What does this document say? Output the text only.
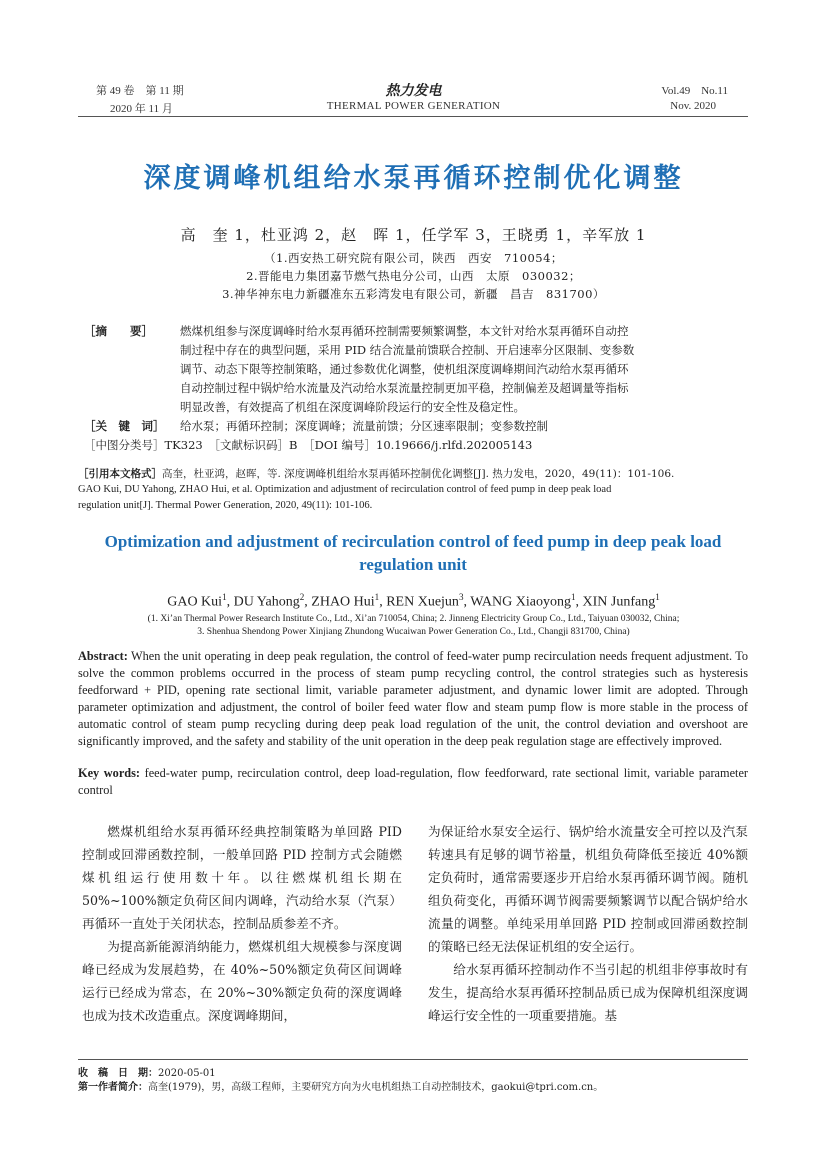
第 49 卷　第 11 期
2020 年 11 月
热力发电
THERMAL POWER GENERATION
Vol.49　No.11
Nov. 2020
深度调峰机组给水泵再循环控制优化调整
高　奎 1，杜亚鸿 2，赵　晖 1，任学军 3，王晓勇 1，辛军放 1
（1.西安热工研究院有限公司，陕西　西安　710054；
2.晋能电力集团嘉节燃气热电分公司，山西　太原　030032；
3.神华神东电力新疆准东五彩湾发电有限公司，新疆　昌吉　831700）
［摘　　要］	燃煤机组参与深度调峰时给水泵再循环控制需要频繁调整，本文针对给水泵再循环自动控
制过程中存在的典型问题，采用 PID 结合流量前馈联合控制、开启速率分区限制、变参数
调节、动态下限等控制策略，通过参数优化调整，使机组深度调峰期间汽动给水泵再循环
自动控制过程中锅炉给水流量及汽动给水泵流量控制更加平稳，控制偏差及超调量等指标
明显改善，有效提高了机组在深度调峰阶段运行的安全性及稳定性。
［关　键　词］	给水泵；再循环控制；深度调峰；流量前馈；分区速率限制；变参数控制
［中图分类号］TK323　［文献标识码］B　［DOI 编号］10.19666/j.rlfd.202005143
［引用本文格式］高奎，杜亚鸿，赵晖，等. 深度调峰机组给水泵再循环控制优化调整[J]. 热力发电，2020，49(11)：101-106.
GAO Kui, DU Yahong, ZHAO Hui, et al. Optimization and adjustment of recirculation control of feed pump in deep peak load
regulation unit[J]. Thermal Power Generation, 2020, 49(11): 101-106.
Optimization and adjustment of recirculation control of feed pump in deep peak load regulation unit
GAO Kui$^1$, DU Yahong$^2$, ZHAO Hui$^1$, REN Xuejun$^3$, WANG Xiaoyong$^1$, XIN Junfang$^1$
(1. Xi’an Thermal Power Research Institute Co., Ltd., Xi’an 710054, China; 2. Jinneng Electricity Group Co., Ltd., Taiyuan 030032, China;
3. Shenhua Shendong Power Xinjiang Zhundong Wucaiwan Power Generation Co., Ltd., Changji 831700, China)
Abstract: When the unit operating in deep peak regulation, the control of feed-water pump recirculation needs frequent adjustment. To solve the common problems occurred in the process of steam pump recycling control, the control strategies such as hysteresis feedforward + PID, opening rate sectional limit, variable parameter adjustment, and dynamic lower limit are adopted. Through parameter optimization and adjustment, the control of boiler feed water flow and steam pump flow is more stable in the process of automatic control of steam pump recycling during deep peak load regulation of the unit, the control deviation and overshoot are significantly improved, and the safety and stability of the unit operation in the deep peak regulation stage are effectively improved.
Key words: feed-water pump, recirculation control, deep load-regulation, flow feedforward, rate sectional limit, variable parameter control

燃煤机组给水泵再循环经典控制策略为单回路 PID 控制或回滞函数控制，一般单回路 PID 控制方式会随燃煤机组运行使用数十年。以往燃煤机组长期在 50%~100%额定负荷区间内调峰，汽动给水泵（汽泵）再循环一直处于关闭状态，控制品质参差不齐。

为提高新能源消纳能力，燃煤机组大规模参与深度调峰已经成为发展趋势，在 40%~50%额定负荷区间调峰运行已经成为常态，在 20%~30%额定负荷的深度调峰也成为技术改造重点。深度调峰期间，

为保证给水泵安全运行、锅炉给水流量安全可控以及汽泵转速具有足够的调节裕量，机组负荷降低至接近 40%额定负荷时，通常需要逐步开启给水泵再循环调节阀。随机组负荷变化，再循环调节阀需要频繁调节以配合锅炉给水流量的调整。单纯采用单回路 PID 控制或回滞函数控制的策略已经无法保证机组的安全运行。

给水泵再循环控制动作不当引起的机组非停事故时有发生，提高给水泵再循环控制品质已成为保障机组深度调峰运行安全性的一项重要措施。基

收　稿　日　期：2020-05-01
第一作者简介：高奎(1979)，男，高级工程师，主要研究方向为火电机组热工自动控制技术，gaokui@tpri.com.cn。
